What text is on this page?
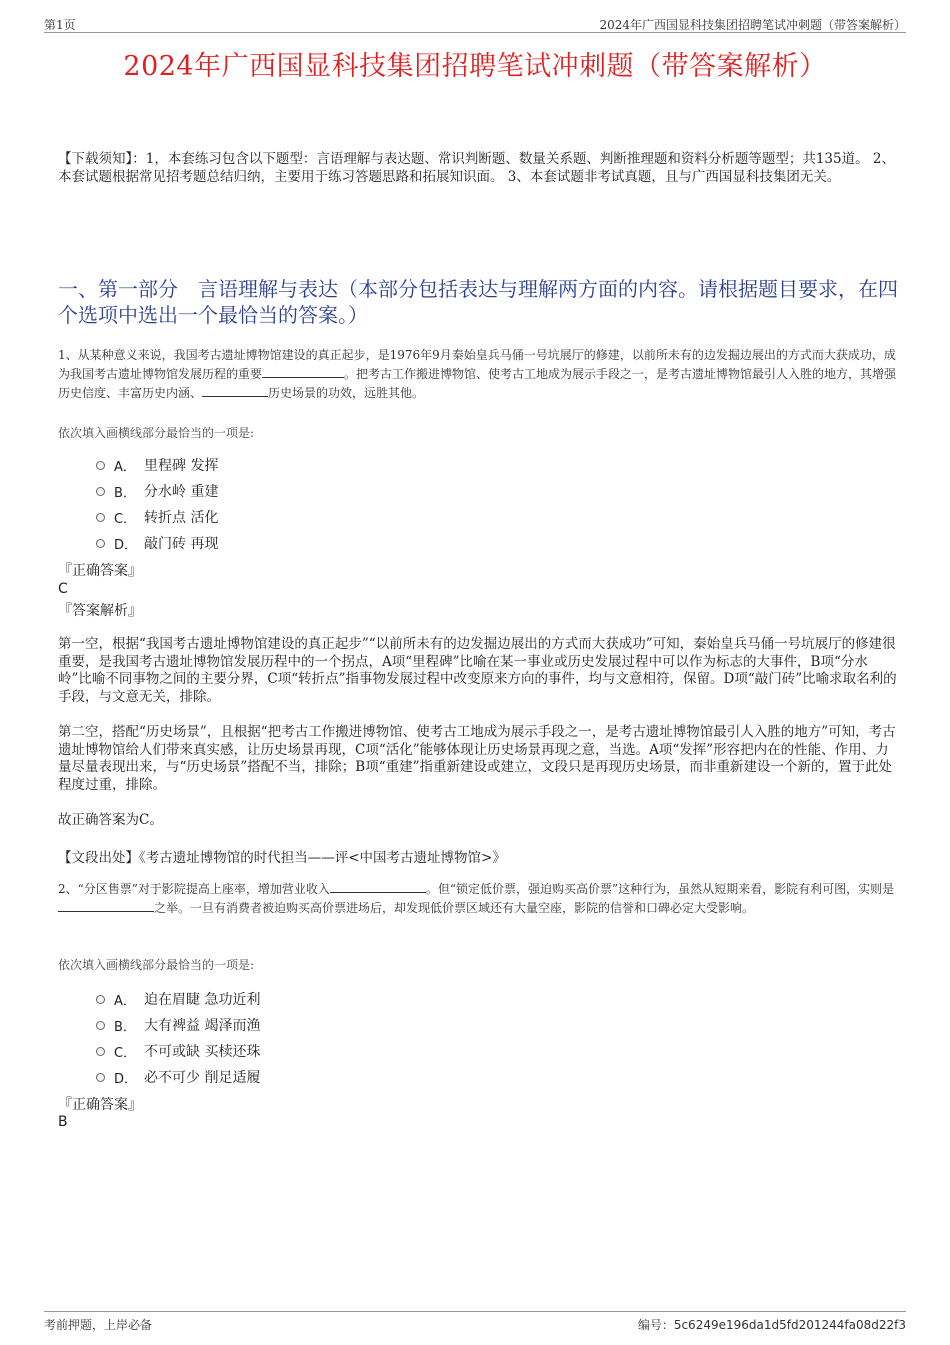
第1页	2024年广西国显科技集团招聘笔试冲刺题（带答案解析）
2024年广西国显科技集团招聘笔试冲刺题（带答案解析）
【下载须知】：1，本套练习包含以下题型：言语理解与表达题、常识判断题、数量关系题、判断推理题和资料分析题等题型；共135道。 2、本套试题根据常见招考题总结归纳，主要用于练习答题思路和拓展知识面。 3、本套试题非考试真题，且与广西国显科技集团无关。
一、第一部分　言语理解与表达（本部分包括表达与理解两方面的内容。请根据题目要求，在四个选项中选出一个最恰当的答案。）
1、从某种意义来说，我国考古遗址博物馆建设的真正起步，是1976年9月秦始皇兵马俑一号坑展厅的修建，以前所未有的边发掘边展出的方式而大获成功，成为我国考古遗址博物馆发展历程的重要	。把考古工作搬进博物馆、使考古工地成为展示手段之一，是考古遗址博物馆最引人入胜的地方，其增强历史信度、丰富历史内涵、	历史场景的功效，远胜其他。
依次填入画横线部分最恰当的一项是:
A． 里程碑 发挥
B． 分水岭 重建
C． 转折点 活化
D． 敲门砖 再现
『正确答案』
C
『答案解析』
第一空，根据“我国考古遗址博物馆建设的真正起步”“以前所未有的边发掘边展出的方式而大获成功”可知，秦始皇兵马俑一号坑展厅的修建很重要，是我国考古遗址博物馆发展历程中的一个拐点，A项“里程碑”比喻在某一事业或历史发展过程中可以作为标志的大事件，B项“分水岭”比喻不同事物之间的主要分界，C项“转折点”指事物发展过程中改变原来方向的事件，均与文意相符，保留。D项“敲门砖”比喻求取名利的手段，与文意无关，排除。
第二空，搭配“历史场景”，且根据“把考古工作搬进博物馆、使考古工地成为展示手段之一，是考古遗址博物馆最引人入胜的地方”可知，考古遗址博物馆给人们带来真实感，让历史场景再现，C项“活化”能够体现让历史场景再现之意，当选。A项“发挥”形容把内在的性能、作用、力量尽量表现出来，与“历史场景”搭配不当，排除；B项“重建”指重新建设或建立，文段只是再现历史场景，而非重新建设一个新的，置于此处程度过重，排除。
故正确答案为C。
【文段出处】《考古遗址博物馆的时代担当——评<中国考古遗址博物馆>》
2、“分区售票”对于影院提高上座率，增加营业收入	。但“锁定低价票，强迫购买高价票”这种行为，虽然从短期来看，影院有利可图，实则是之举。一旦有消费者被迫购买高价票进场后，却发现低价票区域还有大量空座，影院的信誉和口碑必定大受影响。
依次填入画横线部分最恰当的一项是:
A． 迫在眉睫 急功近利
B． 大有裨益 竭泽而渔
C． 不可或缺 买椟还珠
D． 必不可少 削足适履
『正确答案』
B
考前押题，上岸必备	编号：5c6249e196da1d5fd201244fa08d22f3
